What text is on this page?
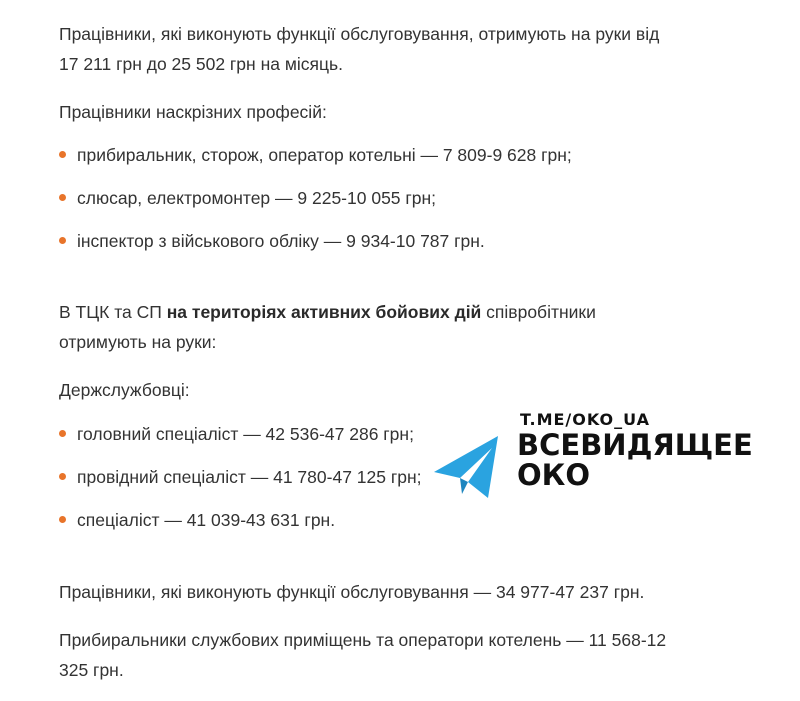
Працівники, які виконують функції обслуговування, отримують на руки від
17 211 грн до 25 502 грн на місяць.

Працівники наскрізних професій:

прибиральник, сторож, оператор котельні — 7 809-9 628 грн;
слюсар, електромонтер — 9 225-10 055 грн;
інспектор з військового обліку — 9 934-10 787 грн.

В ТЦК та СП на територіях активних бойових дій співробітники
отримують на руки:

Держслужбовці:

головний спеціаліст — 42 536-47 286 грн;
провідний спеціаліст — 41 780-47 125 грн;
спеціаліст — 41 039-43 631 грн.

Працівники, які виконують функції обслуговування — 34 977-47 237 грн.

Прибиральники службових приміщень та оператори котелень — 11 568-12
325 грн.

T.ME/OKO_UA
ВСЕВИДЯЩЕЕ
ОКО
